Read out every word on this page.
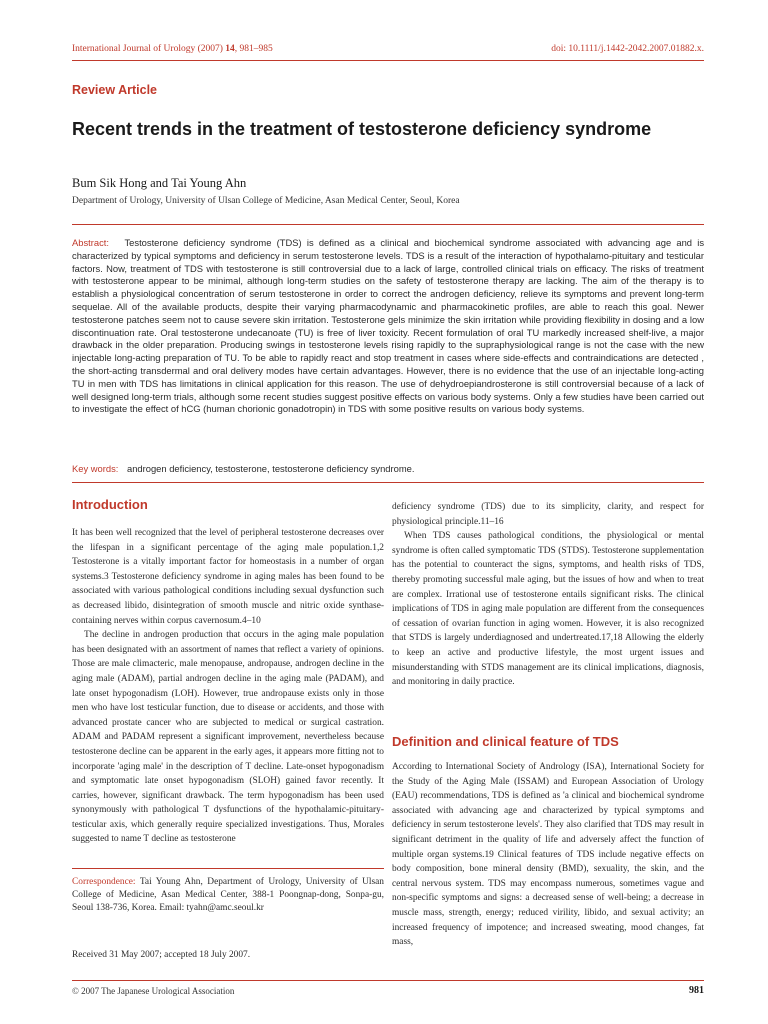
International Journal of Urology (2007) 14, 981–985	doi: 10.1111/j.1442-2042.2007.01882.x.
Review Article
Recent trends in the treatment of testosterone deficiency syndrome
Bum Sik Hong and Tai Young Ahn
Department of Urology, University of Ulsan College of Medicine, Asan Medical Center, Seoul, Korea
Abstract: Testosterone deficiency syndrome (TDS) is defined as a clinical and biochemical syndrome associated with advancing age and is characterized by typical symptoms and deficiency in serum testosterone levels. TDS is a result of the interaction of hypothalamo-pituitary and testicular factors. Now, treatment of TDS with testosterone is still controversial due to a lack of large, controlled clinical trials on efficacy. The risks of treatment with testosterone appear to be minimal, although long-term studies on the safety of testosterone therapy are lacking. The aim of the therapy is to establish a physiological concentration of serum testosterone in order to correct the androgen deficiency, relieve its symptoms and prevent long-term sequelae. All of the available products, despite their varying pharmacodynamic and pharmacokinetic profiles, are able to reach this goal. Newer testosterone patches seem not to cause severe skin irritation. Testosterone gels minimize the skin irritation while providing flexibility in dosing and a low discontinuation rate. Oral testosterone undecanoate (TU) is free of liver toxicity. Recent formulation of oral TU markedly increased shelf-live, a major drawback in the older preparation. Producing swings in testosterone levels rising rapidly to the supraphysiological range is not the case with the new injectable long-acting preparation of TU. To be able to rapidly react and stop treatment in cases where side-effects and contraindications are detected , the short-acting transdermal and oral delivery modes have certain advantages. However, there is no evidence that the use of an injectable long-acting TU in men with TDS has limitations in clinical application for this reason. The use of dehydroepiandrosterone is still controversial because of a lack of well designed long-term trials, although some recent studies suggest positive effects on various body systems. Only a few studies have been carried out to investigate the effect of hCG (human chorionic gonadotropin) in TDS with some positive results on various body systems.
Key words: androgen deficiency, testosterone, testosterone deficiency syndrome.
Introduction

It has been well recognized that the level of peripheral testosterone decreases over the lifespan in a significant percentage of the aging male population.1,2 Testosterone is a vitally important factor for homeostasis in a number of organ systems.3 Testosterone deficiency syndrome in aging males has been found to be associated with various pathological conditions including sexual dysfunction such as decreased libido, disintegration of smooth muscle and nitric oxide synthase-containing nerves within corpus cavernosum.4–10

The decline in androgen production that occurs in the aging male population has been designated with an assortment of names that reflect a variety of opinions. Those are male climacteric, male menopause, andropause, androgen decline in the aging male (ADAM), partial androgen decline in the aging male (PADAM), and late onset hypogonadism (LOH). However, true andropause exists only in those men who have lost testicular function, due to disease or accidents, and those with advanced prostate cancer who are subjected to medical or surgical castration. ADAM and PADAM represent a significant improvement, nevertheless because testosterone decline can be apparent in the early ages, it appears more fitting not to incorporate 'aging male' in the description of T decline. Late-onset hypogonadism and symptomatic late onset hypogonadism (SLOH) gained favor recently. It carries, however, significant drawback. The term hypogonadism has been used synonymously with pathological T dysfunctions of the hypothalamic-pituitary-testicular axis, which generally require specialized investigations. Thus, Morales suggested to name T decline as testosterone

deficiency syndrome (TDS) due to its simplicity, clarity, and respect for physiological principle.11–16

When TDS causes pathological conditions, the physiological or mental syndrome is often called symptomatic TDS (STDS). Testosterone supplementation has the potential to counteract the signs, symptoms, and health risks of TDS, thereby promoting successful male aging, but the issues of how and when to treat are complex. Irrational use of testosterone entails significant risks. The clinical implications of TDS in aging male population are different from the consequences of cessation of ovarian function in aging women. However, it is also recognized that STDS is largely underdiagnosed and undertreated.17,18 Allowing the elderly to keep an active and productive lifestyle, the most urgent issues and misunderstanding with STDS management are its clinical implications, diagnosis, and monitoring in daily practice.

Definition and clinical feature of TDS

According to International Society of Andrology (ISA), International Society for the Study of the Aging Male (ISSAM) and European Association of Urology (EAU) recommendations, TDS is defined as 'a clinical and biochemical syndrome associated with advancing age and characterized by typical symptoms and deficiency in serum testosterone levels'. They also clarified that TDS may result in significant detriment in the quality of life and adversely affect the function of multiple organ systems.19 Clinical features of TDS include negative effects on body composition, bone mineral density (BMD), sexuality, the skin, and the central nervous system. TDS may encompass numerous, sometimes vague and non-specific symptoms and signs: a decreased sense of well-being; a decrease in muscle mass, strength, energy; reduced virility, libido, and sexual activity; an increased frequency of impotence; and increased sweating, mood changes, fat mass,

Correspondence: Tai Young Ahn, Department of Urology, University of Ulsan College of Medicine, Asan Medical Center, 388-1 Poongnap-dong, Sonpa-gu, Seoul 138-736, Korea. Email: tyahn@amc.seoul.kr
Received 31 May 2007; accepted 18 July 2007.
© 2007 The Japanese Urological Association	981
